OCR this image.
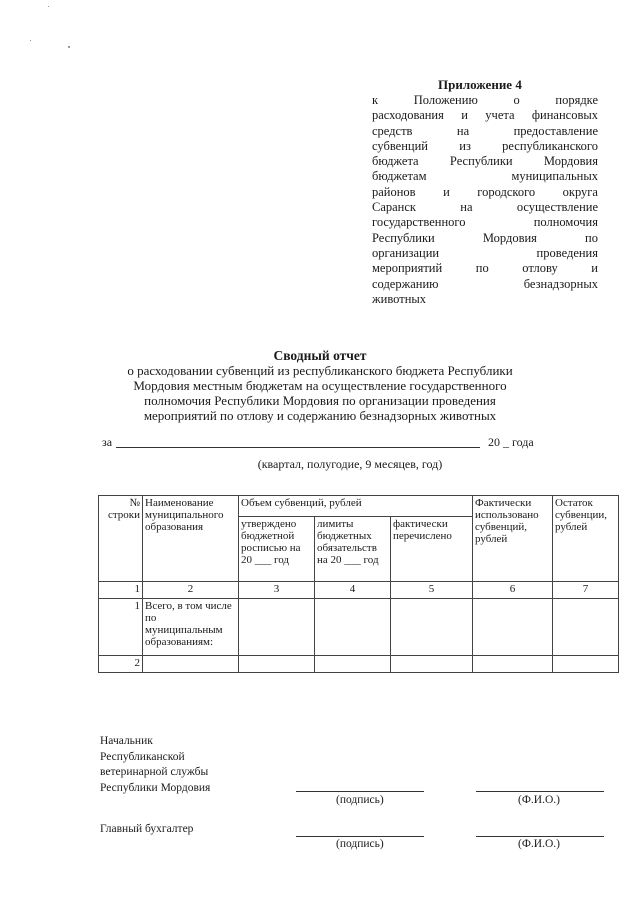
Приложение 4
к Положению о порядке
расходования и учета финансовых
средств на предоставление
субвенций из республиканского
бюджета Республики Мордовия
бюджетам муниципальных
районов и городского округа
Саранск на осуществление
государственного полномочия
Республики Мордовия по
организации проведения
мероприятий по отлову и
содержанию безнадзорных
животных
Сводный отчет
о расходовании субвенций из республиканского бюджета Республики
Мордовия местным бюджетам на осуществление государственного
полномочия Республики Мордовия по организации проведения
мероприятий по отлову и содержанию безнадзорных животных
за	20 _ года
(квартал, полугодие, 9 месяцев, год)
№ строки	Наименование муниципального образования	Объем субвенций, рублей			Фактически использовано субвенций, рублей	Остаток субвенции, рублей
		утверждено бюджетной росписью на 20 ___ год	лимиты бюджетных обязательств на 20 ___ год	фактически перечислено		
1	2	3	4	5	6	7
1	Всего, в том числе по муниципальным образованиям:					
2						
Начальник
Республиканской
ветеринарной службы
Республики Мордовия
(подпись)	(Ф.И.О.)
Главный бухгалтер
(подпись)	(Ф.И.О.)
